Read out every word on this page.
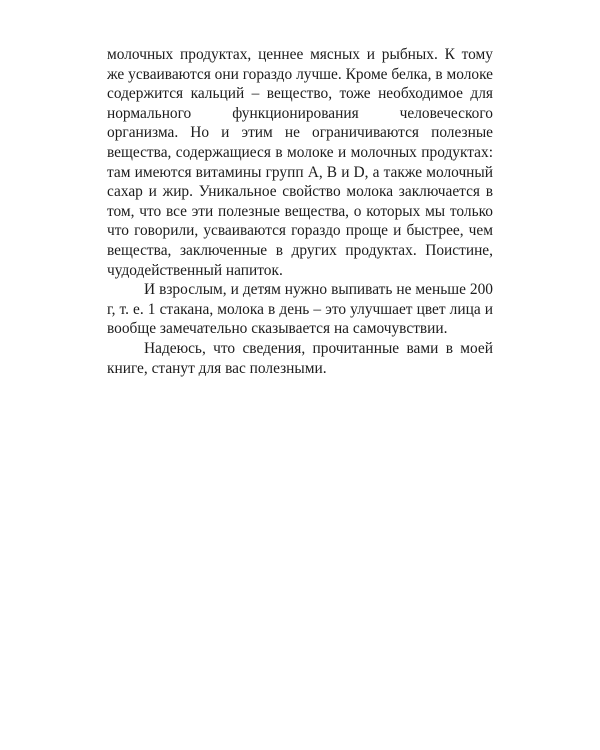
молочных продуктах, ценнее мясных и рыбных. К тому же усваиваются они гораздо лучше. Кроме белка, в молоке содержится кальций – вещество, тоже необходимое для нормального функционирования человеческого организма. Но и этим не ограничиваются полезные вещества, содержащиеся в молоке и молочных продуктах: там имеются витамины групп А, В и D, а также молочный сахар и жир. Уникальное свойство молока заключается в том, что все эти полезные вещества, о которых мы только что говорили, усваиваются гораздо проще и быстрее, чем вещества, заключенные в других продуктах. Поистине, чудодейственный напиток.

И взрослым, и детям нужно выпивать не меньше 200 г, т. е. 1 стакана, молока в день – это улучшает цвет лица и вообще замечательно сказывается на самочувствии.

Надеюсь, что сведения, прочитанные вами в моей книге, станут для вас полезными.
